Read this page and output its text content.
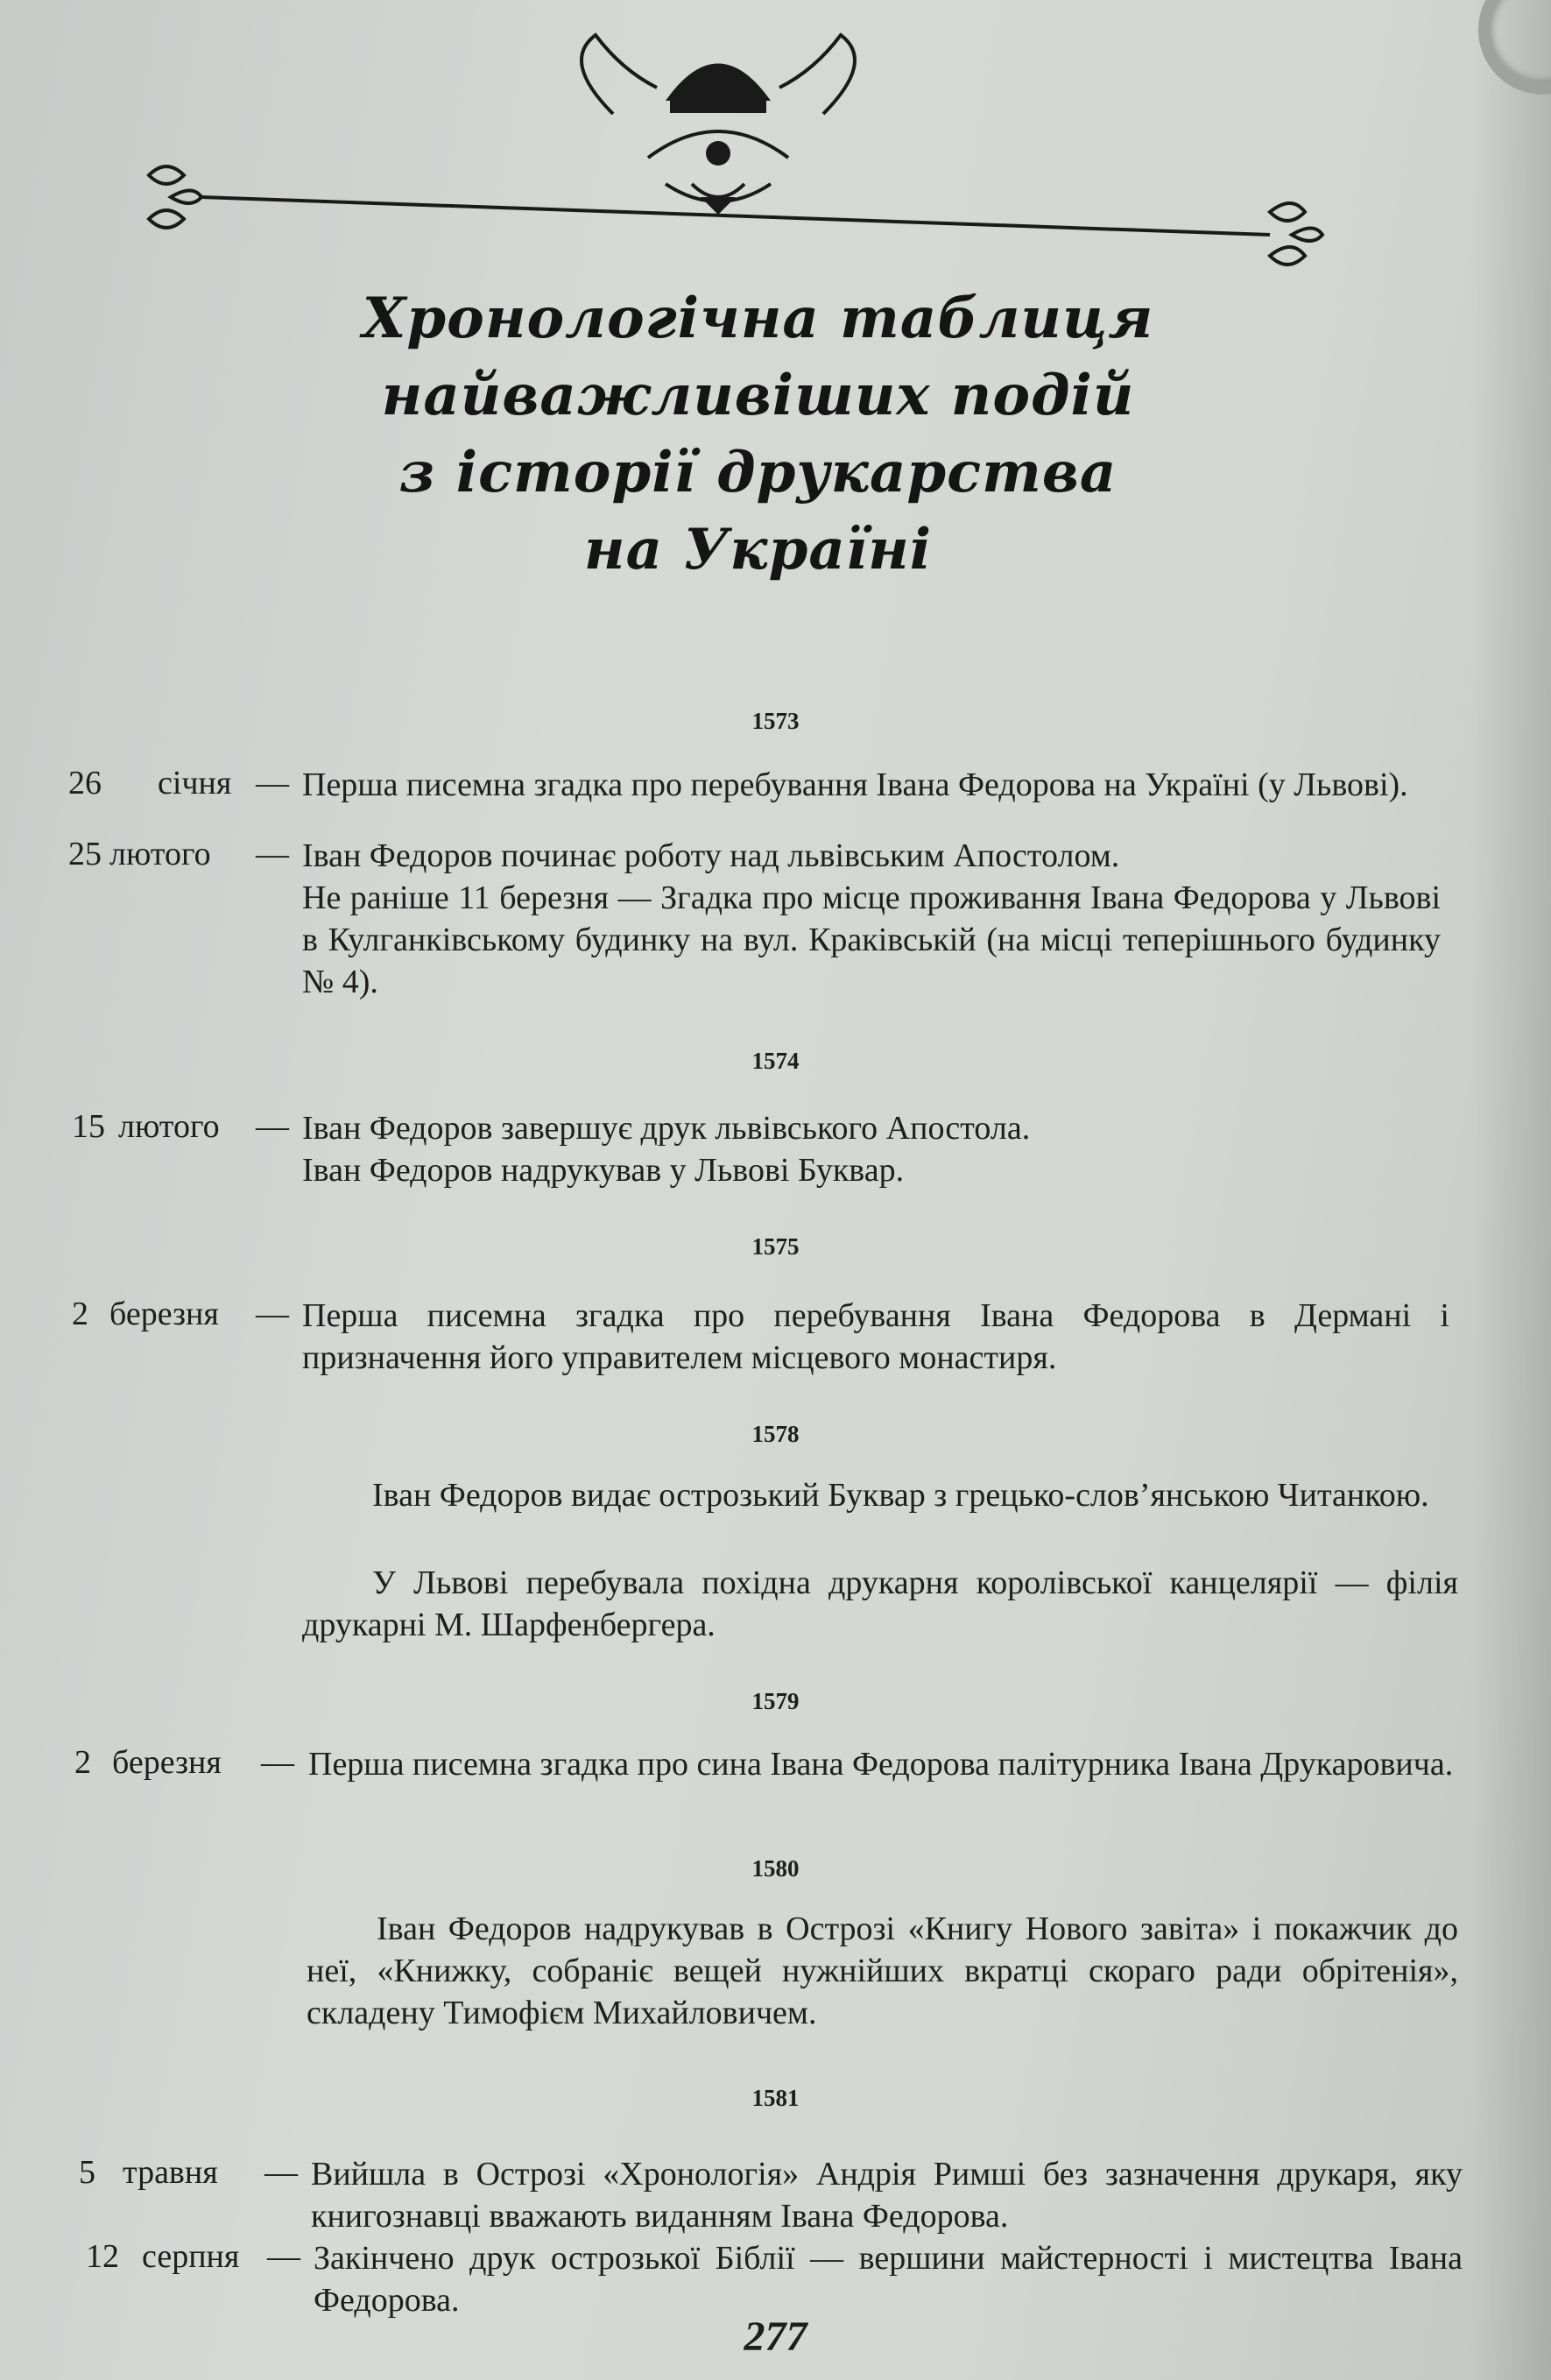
Хронологічна таблиця
найважливіших подій
з історії друкарства
на Україні
1573
26 січня — Перша писемна згадка про перебування Івана Федорова на Україні (у Львові).
25 лютого — Іван Федоров починає роботу над львівським Апостолом.
Не раніше 11 березня — Згадка про місце проживання Івана Федорова у Львові в Кулганківському будинку на вул. Краківській (на місці теперішнього будинку № 4).
1574
15 лютого — Іван Федоров завершує друк львівського Апостола.
Іван Федоров надрукував у Львові Буквар.
1575
2 березня — Перша писемна згадка про перебування Івана Федорова в Дермані і призначення його управителем місцевого монастиря.
1578
Іван Федоров видає острозький Буквар з грецько-слов’янською Читанкою.
У Львові перебувала похідна друкарня королівської канцелярії — філія друкарні М. Шарфенбергера.
1579
2 березня — Перша писемна згадка про сина Івана Федорова палітурника Івана Друкаровича.
1580
Іван Федоров надрукував в Острозі «Книгу Нового завіта» і покажчик до неї, «Книжку, собраніє вещей нужнійших вкратці скораго ради обрітенія», складену Тимофієм Михайловичем.
1581
5 травня — Вийшла в Острозі «Хронологія» Андрія Римші без зазначення друкаря, яку книгознавці вважають виданням Івана Федорова.
12 серпня — Закінчено друк острозької Біблії — вершини майстерності і мистецтва Івана Федорова.
277
